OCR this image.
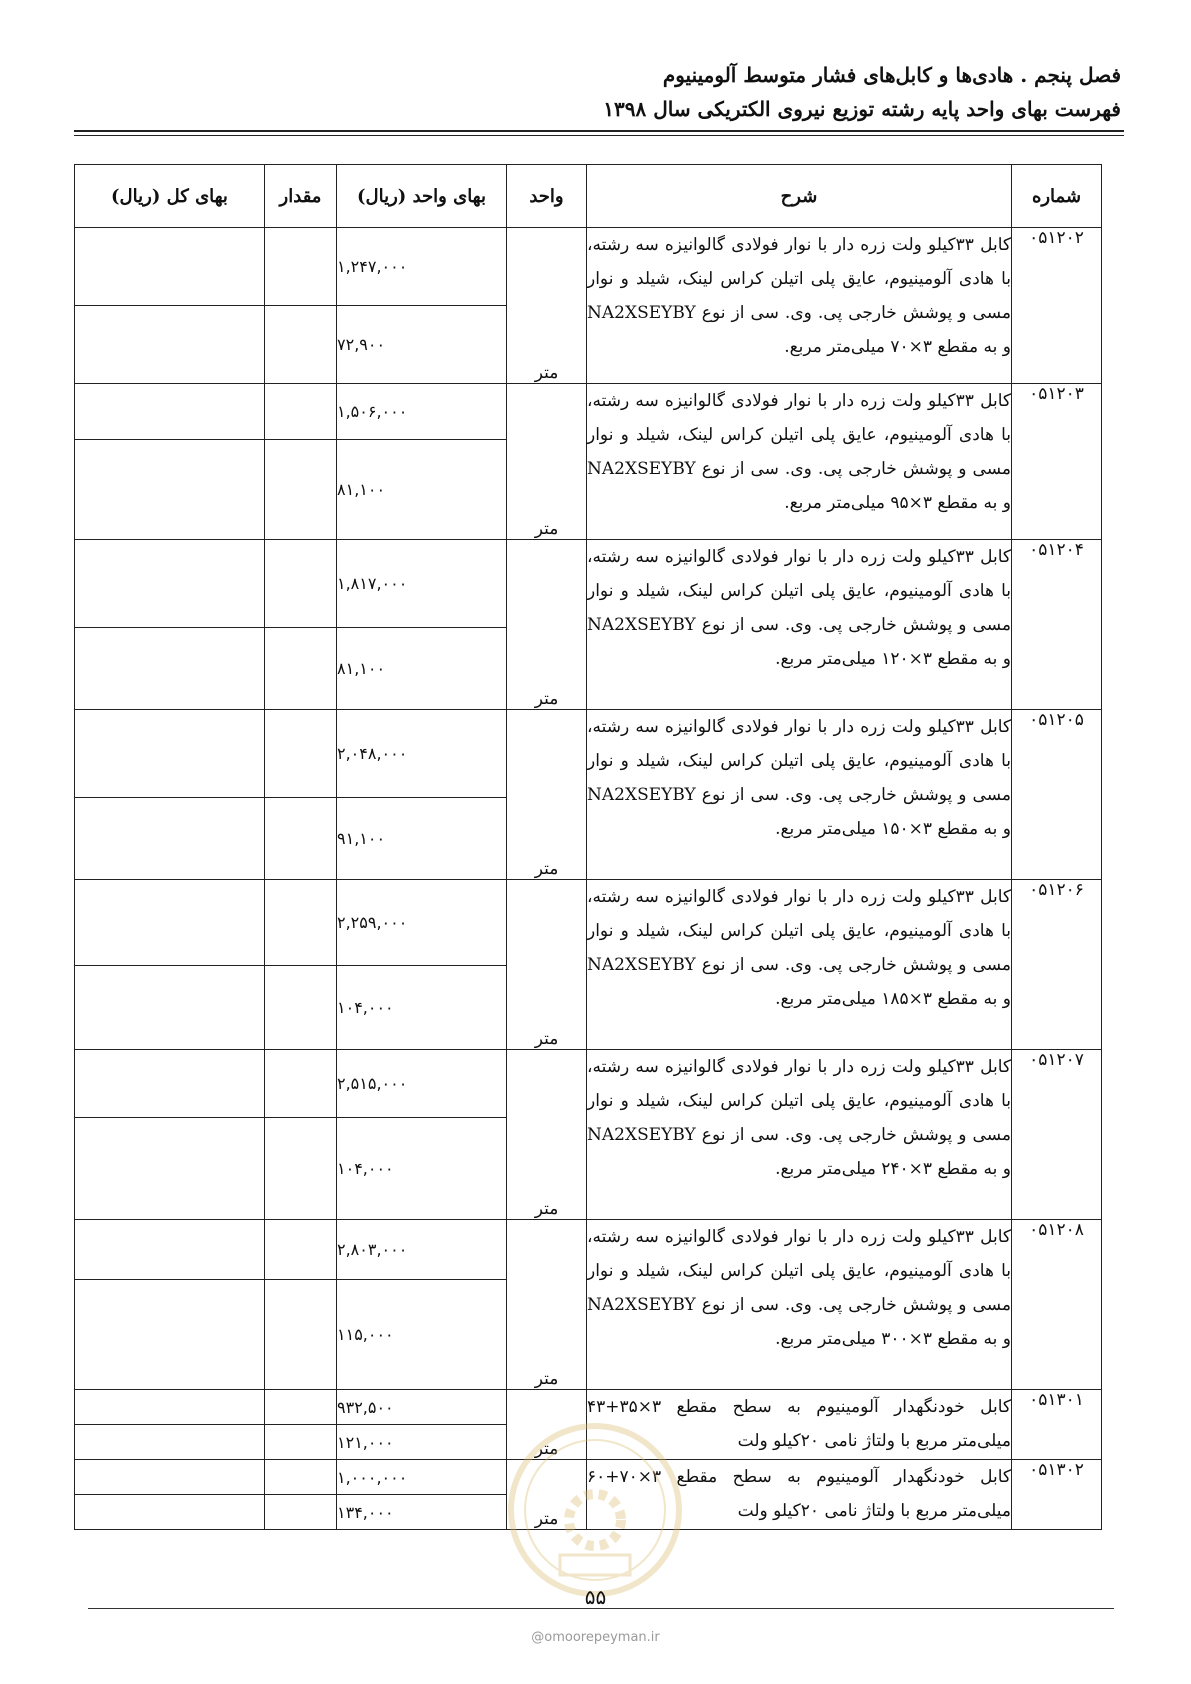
فصل پنجم . هادی‌ها و کابل‌های فشار متوسط آلومینیوم
فهرست بهای واحد پایه رشته توزیع نیروی الکتریکی سال ۱۳۹۸
شماره	شرح	واحد	بهای واحد (ریال)	مقدار	بهای کل (ریال)
۰۵۱۲۰۲	کابل ۳۳کیلو ولت زره دار با نوار فولادی گالوانیزه سه رشته، با هادی آلومینیوم، عایق پلی اتیلن کراس لینک، شیلد و نوار مسی و پوشش خارجی پی. وی. سی از نوع NA2XSEYBY و به مقطع ۳×۷۰ میلی‌متر مربع.	متر	۱,۲۴۷,۰۰۰		

			۷۲,۹۰۰		

۰۵۱۲۰۳	کابل ۳۳کیلو ولت زره دار با نوار فولادی گالوانیزه سه رشته، با هادی آلومینیوم، عایق پلی اتیلن کراس لینک، شیلد و نوار مسی و پوشش خارجی پی. وی. سی از نوع NA2XSEYBY و به مقطع ۳×۹۵ میلی‌متر مربع.	متر	۱,۵۰۶,۰۰۰		

			۸۱,۱۰۰		

۰۵۱۲۰۴	کابل ۳۳کیلو ولت زره دار با نوار فولادی گالوانیزه سه رشته، با هادی آلومینیوم، عایق پلی اتیلن کراس لینک، شیلد و نوار مسی و پوشش خارجی پی. وی. سی از نوع NA2XSEYBY و به مقطع ۳×۱۲۰ میلی‌متر مربع.	متر	۱,۸۱۷,۰۰۰		

			۸۱,۱۰۰		

۰۵۱۲۰۵	کابل ۳۳کیلو ولت زره دار با نوار فولادی گالوانیزه سه رشته، با هادی آلومینیوم، عایق پلی اتیلن کراس لینک، شیلد و نوار مسی و پوشش خارجی پی. وی. سی از نوع NA2XSEYBY و به مقطع ۳×۱۵۰ میلی‌متر مربع.	متر	۲,۰۴۸,۰۰۰		

			۹۱,۱۰۰		

۰۵۱۲۰۶	کابل ۳۳کیلو ولت زره دار با نوار فولادی گالوانیزه سه رشته، با هادی آلومینیوم، عایق پلی اتیلن کراس لینک، شیلد و نوار مسی و پوشش خارجی پی. وی. سی از نوع NA2XSEYBY و به مقطع ۳×۱۸۵ میلی‌متر مربع.	متر	۲,۲۵۹,۰۰۰		

			۱۰۴,۰۰۰		

۰۵۱۲۰۷	کابل ۳۳کیلو ولت زره دار با نوار فولادی گالوانیزه سه رشته، با هادی آلومینیوم، عایق پلی اتیلن کراس لینک، شیلد و نوار مسی و پوشش خارجی پی. وی. سی از نوع NA2XSEYBY و به مقطع ۳×۲۴۰ میلی‌متر مربع.	متر	۲,۵۱۵,۰۰۰		

			۱۰۴,۰۰۰		

۰۵۱۲۰۸	کابل ۳۳کیلو ولت زره دار با نوار فولادی گالوانیزه سه رشته، با هادی آلومینیوم، عایق پلی اتیلن کراس لینک، شیلد و نوار مسی و پوشش خارجی پی. وی. سی از نوع NA2XSEYBY و به مقطع ۳×۳۰۰ میلی‌متر مربع.	متر	۲,۸۰۳,۰۰۰		

			۱۱۵,۰۰۰		

۰۵۱۳۰۱	کابل خودنگهدار آلومینیوم به سطح مقطع ۳×۳۵+۴۳ میلی‌متر مربع با ولتاژ نامی ۲۰کیلو ولت	متر	۹۳۲,۵۰۰		

			۱۲۱,۰۰۰		

۰۵۱۳۰۲	کابل خودنگهدار آلومینیوم به سطح مقطع ۳×۷۰+۶۰ میلی‌متر مربع با ولتاژ نامی ۲۰کیلو ولت	متر	۱,۰۰۰,۰۰۰		

			۱۳۴,۰۰۰		

۵۵
@omoorepeyman.ir
